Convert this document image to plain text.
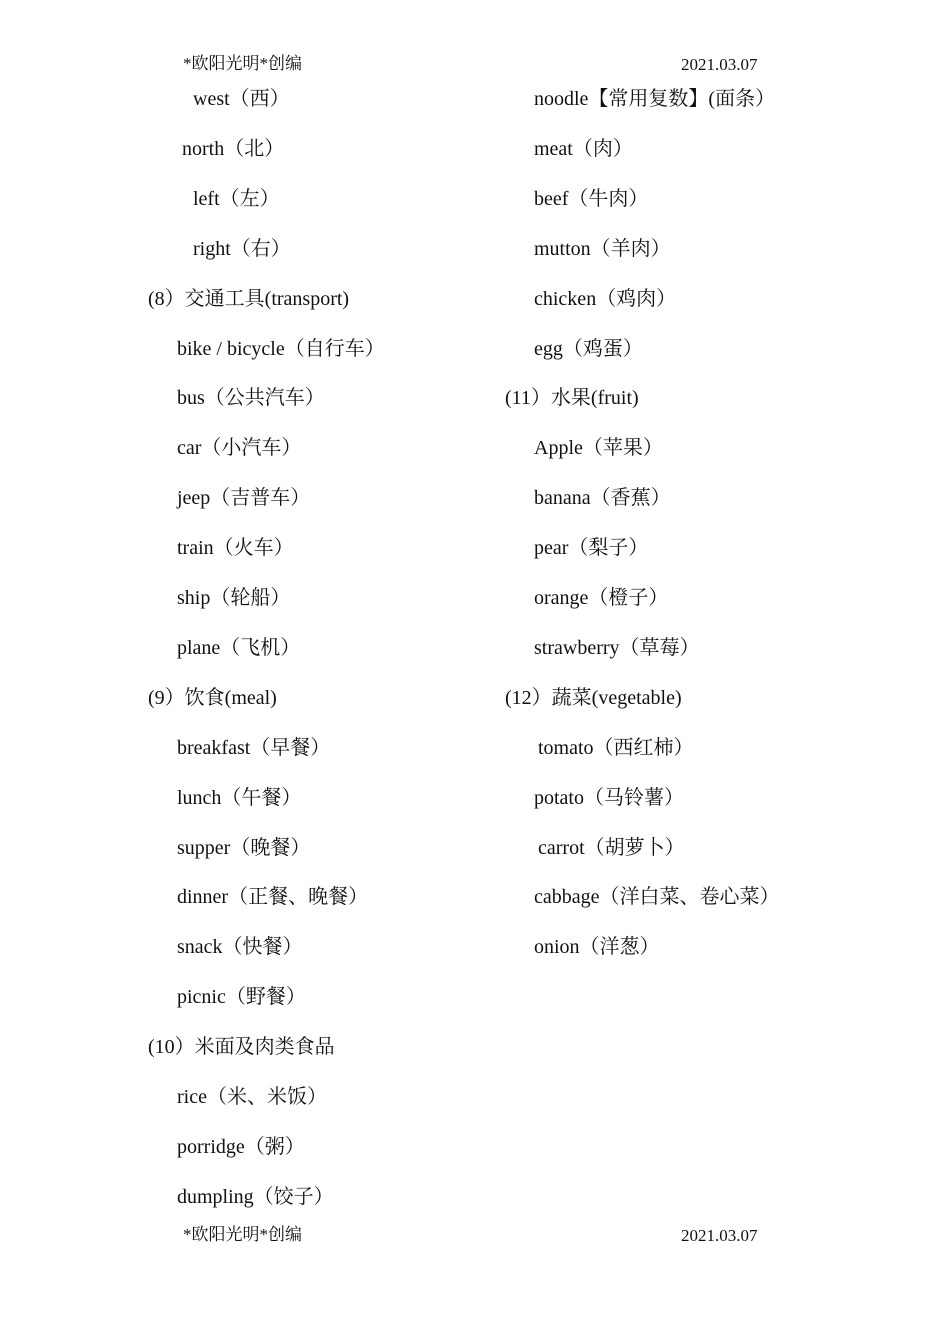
*欧阳光明*创编	2021.03.07
west（西）
north（北）
left（左）
right（右）
(8）交通工具(transport)
bike / bicycle（自行车）
bus（公共汽车）
car（小汽车）
jeep（吉普车）
train（火车）
ship（轮船）
plane（飞机）
(9）饮食(meal)
breakfast（早餐）
lunch（午餐）
supper（晚餐）
dinner（正餐、晚餐）
snack（快餐）
picnic（野餐）
(10）米面及肉类食品
rice（米、米饭）
porridge（粥）
dumpling（饺子）
noodle【常用复数】(面条）
meat（肉）
beef（牛肉）
mutton（羊肉）
chicken（鸡肉）
egg（鸡蛋）
(11）水果(fruit)
Apple（苹果）
banana（香蕉）
pear（梨子）
orange（橙子）
strawberry（草莓）
(12）蔬菜(vegetable)
tomato（西红柿）
potato（马铃薯）
carrot（胡萝卜）
cabbage（洋白菜、卷心菜）
onion（洋葱）
*欧阳光明*创编	2021.03.07
